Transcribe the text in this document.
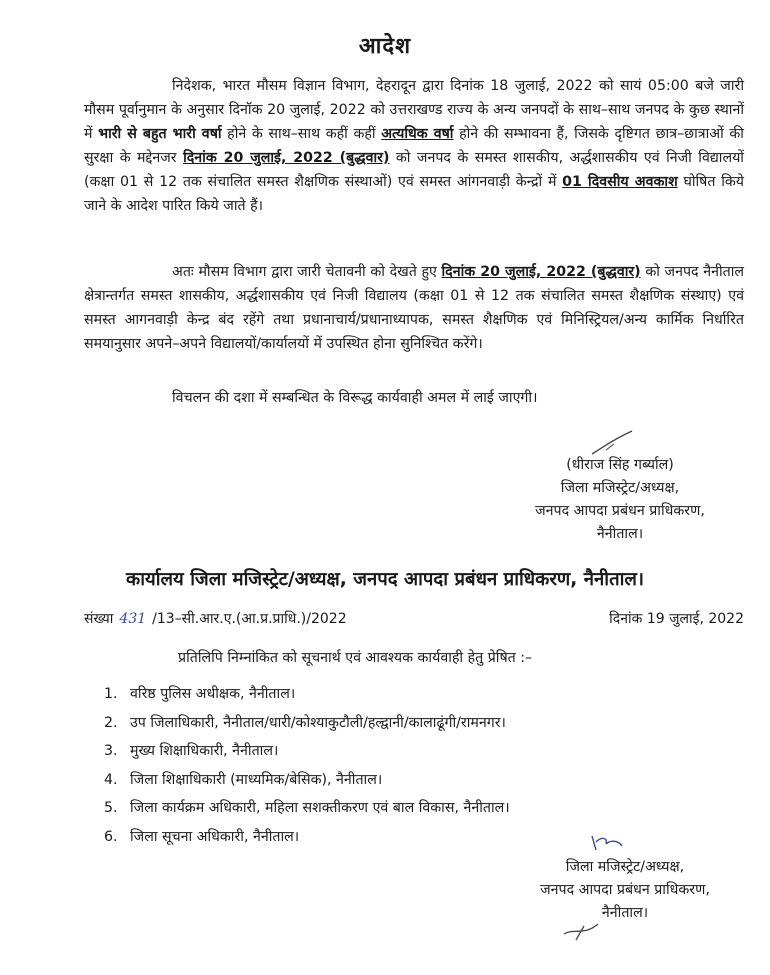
आदेश

निदेशक, भारत मौसम विज्ञान विभाग, देहरादून द्वारा दिनांक 18 जुलाई, 2022 को सायं 05:00 बजे जारी मौसम पूर्वानुमान के अनुसार दिनॉक 20 जुलाई, 2022 को उत्तराखण्ड राज्य के अन्य जनपदों के साथ–साथ जनपद के कुछ स्थानों में भारी से बहुत भारी वर्षा होने के साथ–साथ कहीं कहीं अत्यधिक वर्षा होने की सम्भावना हैं, जिसके दृष्टिगत छात्र–छात्राओं की सुरक्षा के मद्देनजर दिनांक 20 जुलाई, 2022 (बुद्धवार) को जनपद के समस्त शासकीय, अर्द्धशासकीय एवं निजी विद्यालयों (कक्षा 01 से 12 तक संचालित समस्त शैक्षणिक संस्थाओं) एवं समस्त आंगनवाड़ी केन्द्रों में 01 दिवसीय अवकाश घोषित किये जाने के आदेश पारित किये जाते हैं।

अतः मौसम विभाग द्वारा जारी चेतावनी को देखते हुए दिनांक 20 जुलाई, 2022 (बुद्धवार) को जनपद नैनीताल क्षेत्रान्तर्गत समस्त शासकीय, अर्द्धशासकीय एवं निजी विद्यालय (कक्षा 01 से 12 तक संचालित समस्त शैक्षणिक संस्थाए) एवं समस्त आगनवाड़ी केन्द्र बंद रहेंगे तथा प्रधानाचार्य/प्रधानाध्यापक, समस्त शैक्षणिक एवं मिनिस्ट्रियल/अन्य कार्मिक निर्धारित समयानुसार अपने–अपने विद्यालयों/कार्यालयों में उपस्थित होना सुनिश्चित करेंगे।

विचलन की दशा में सम्बन्धित के विरूद्ध कार्यवाही अमल में लाई जाएगी।

(धीराज सिंह गर्ब्याल)
जिला मजिस्ट्रेट/अध्यक्ष,
जनपद आपदा प्रबंधन प्राधिकरण,
नैनीताल।
कार्यालय जिला मजिस्ट्रेट/अध्यक्ष, जनपद आपदा प्रबंधन प्राधिकरण, नैनीताल।
संख्या 431 /13–सी.आर.ए.(आ.प्र.प्राधि.)/2022	दिनांक 19 जुलाई, 2022
प्रतिलिपि निम्नांकित को सूचनार्थ एवं आवश्यक कार्यवाही हेतु प्रेषित :–
1. वरिष्ठ पुलिस अधीक्षक, नैनीताल।
2. उप जिलाधिकारी, नैनीताल/धारी/कोश्याकुटौली/हल्द्वानी/कालाढूंगी/रामनगर।
3. मुख्य शिक्षाधिकारी, नैनीताल।
4. जिला शिक्षाधिकारी (माध्यमिक/बेसिक), नैनीताल।
5. जिला कार्यक्रम अधिकारी, महिला सशक्तीकरण एवं बाल विकास, नैनीताल।
6. जिला सूचना अधिकारी, नैनीताल।
जिला मजिस्ट्रेट/अध्यक्ष,
जनपद आपदा प्रबंधन प्राधिकरण,
नैनीताल।
